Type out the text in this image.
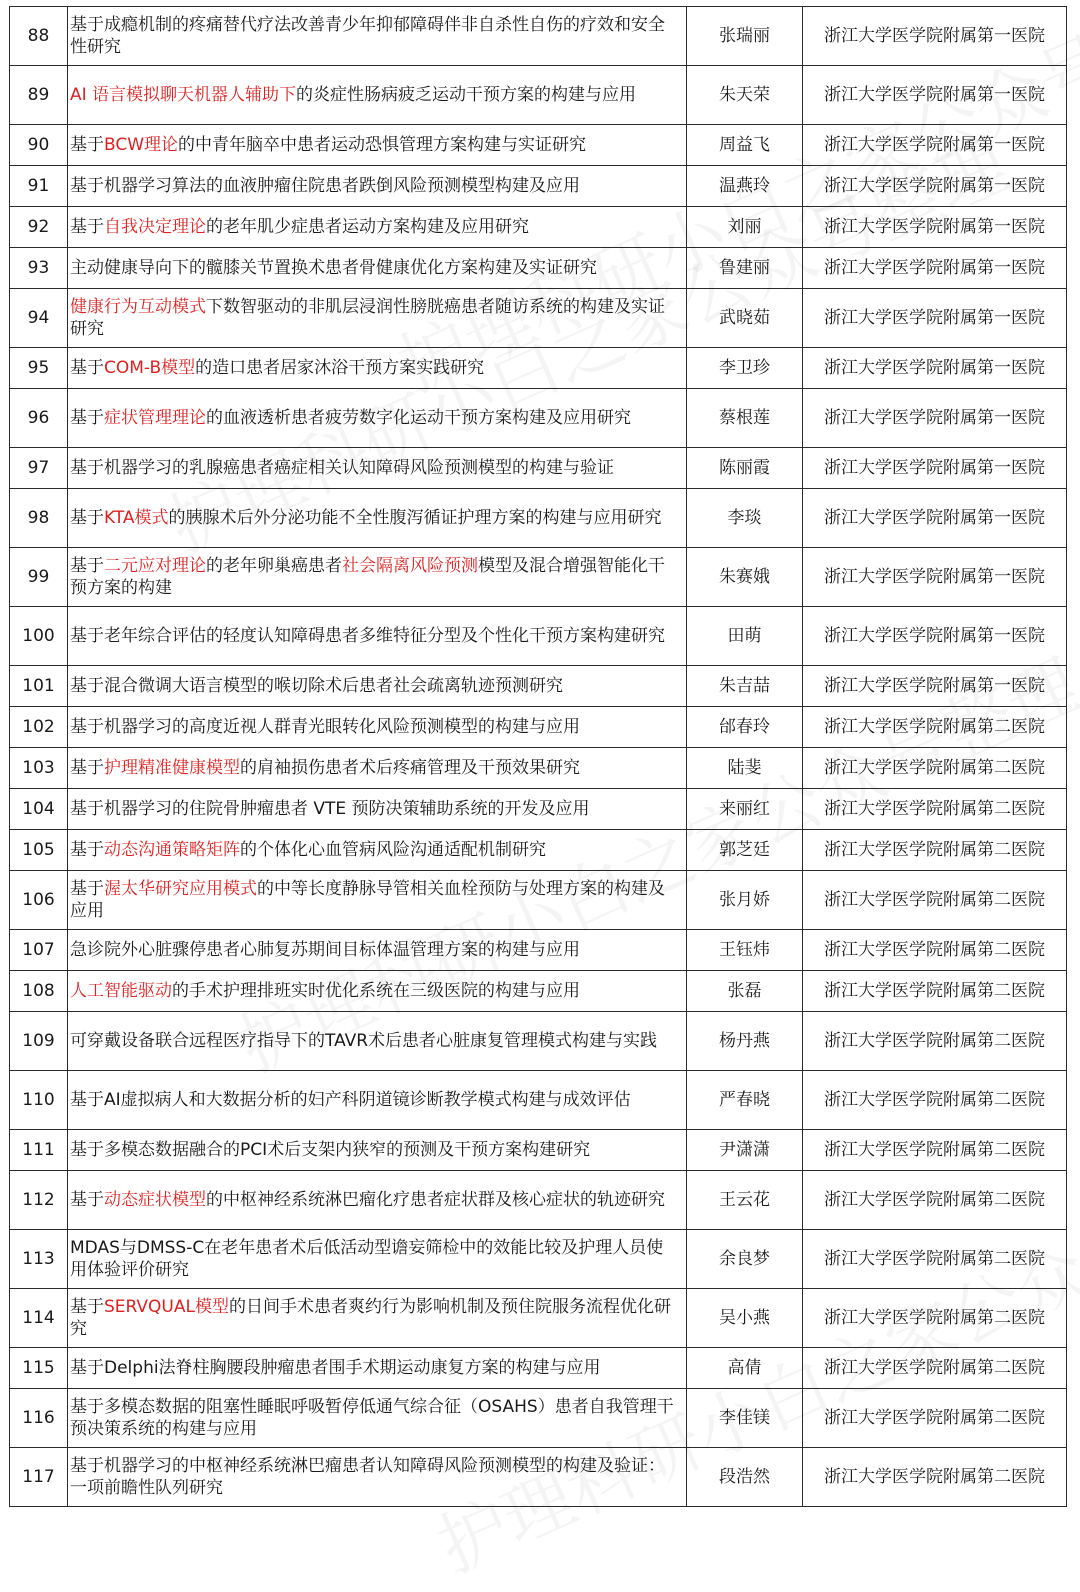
88	基于成瘾机制的疼痛替代疗法改善青少年抑郁障碍伴非自杀性自伤的疗效和安全性研究	张瑞丽	浙江大学医学院附属第一医院
89	AI 语言模拟聊天机器人辅助下的炎症性肠病疲乏运动干预方案的构建与应用	朱天荣	浙江大学医学院附属第一医院
90	基于BCW理论的中青年脑卒中患者运动恐惧管理方案构建与实证研究	周益飞	浙江大学医学院附属第一医院
91	基于机器学习算法的血液肿瘤住院患者跌倒风险预测模型构建及应用	温燕玲	浙江大学医学院附属第一医院
92	基于自我决定理论的老年肌少症患者运动方案构建及应用研究	刘丽	浙江大学医学院附属第一医院
93	主动健康导向下的髋膝关节置换术患者骨健康优化方案构建及实证研究	鲁建丽	浙江大学医学院附属第一医院
94	健康行为互动模式下数智驱动的非肌层浸润性膀胱癌患者随访系统的构建及实证研究	武晓茹	浙江大学医学院附属第一医院
95	基于COM-B模型的造口患者居家沐浴干预方案实践研究	李卫珍	浙江大学医学院附属第一医院
96	基于症状管理理论的血液透析患者疲劳数字化运动干预方案构建及应用研究	蔡根莲	浙江大学医学院附属第一医院
97	基于机器学习的乳腺癌患者癌症相关认知障碍风险预测模型的构建与验证	陈丽霞	浙江大学医学院附属第一医院
98	基于KTA模式的胰腺术后外分泌功能不全性腹泻循证护理方案的构建与应用研究	李琰	浙江大学医学院附属第一医院
99	基于二元应对理论的老年卵巢癌患者社会隔离风险预测模型及混合增强智能化干预方案的构建	朱赛娥	浙江大学医学院附属第一医院
100	基于老年综合评估的轻度认知障碍患者多维特征分型及个性化干预方案构建研究	田萌	浙江大学医学院附属第一医院
101	基于混合微调大语言模型的喉切除术后患者社会疏离轨迹预测研究	朱吉喆	浙江大学医学院附属第一医院
102	基于机器学习的高度近视人群青光眼转化风险预测模型的构建与应用	邰春玲	浙江大学医学院附属第二医院
103	基于护理精准健康模型的肩袖损伤患者术后疼痛管理及干预效果研究	陆斐	浙江大学医学院附属第二医院
104	基于机器学习的住院骨肿瘤患者 VTE 预防决策辅助系统的开发及应用	来丽红	浙江大学医学院附属第二医院
105	基于动态沟通策略矩阵的个体化心血管病风险沟通适配机制研究	郭芝廷	浙江大学医学院附属第二医院
106	基于渥太华研究应用模式的中等长度静脉导管相关血栓预防与处理方案的构建及应用	张月娇	浙江大学医学院附属第二医院
107	急诊院外心脏骤停患者心肺复苏期间目标体温管理方案的构建与应用	王钰炜	浙江大学医学院附属第二医院
108	人工智能驱动的手术护理排班实时优化系统在三级医院的构建与应用	张磊	浙江大学医学院附属第二医院
109	可穿戴设备联合远程医疗指导下的TAVR术后患者心脏康复管理模式构建与实践	杨丹燕	浙江大学医学院附属第二医院
110	基于AI虚拟病人和大数据分析的妇产科阴道镜诊断教学模式构建与成效评估	严春晓	浙江大学医学院附属第二医院
111	基于多模态数据融合的PCI术后支架内狭窄的预测及干预方案构建研究	尹潇潇	浙江大学医学院附属第二医院
112	基于动态症状模型的中枢神经系统淋巴瘤化疗患者症状群及核心症状的轨迹研究	王云花	浙江大学医学院附属第二医院
113	MDAS与DMSS-C在老年患者术后低活动型谵妄筛检中的效能比较及护理人员使用体验评价研究	余良梦	浙江大学医学院附属第二医院
114	基于SERVQUAL模型的日间手术患者爽约行为影响机制及预住院服务流程优化研究	吴小燕	浙江大学医学院附属第二医院
115	基于Delphi法脊柱胸腰段肿瘤患者围手术期运动康复方案的构建与应用	高倩	浙江大学医学院附属第二医院
116	基于多模态数据的阻塞性睡眠呼吸暂停低通气综合征（OSAHS）患者自我管理干预决策系统的构建与应用	李佳镁	浙江大学医学院附属第二医院
117	基于机器学习的中枢神经系统淋巴瘤患者认知障碍风险预测模型的构建及验证：一项前瞻性队列研究	段浩然	浙江大学医学院附属第二医院
